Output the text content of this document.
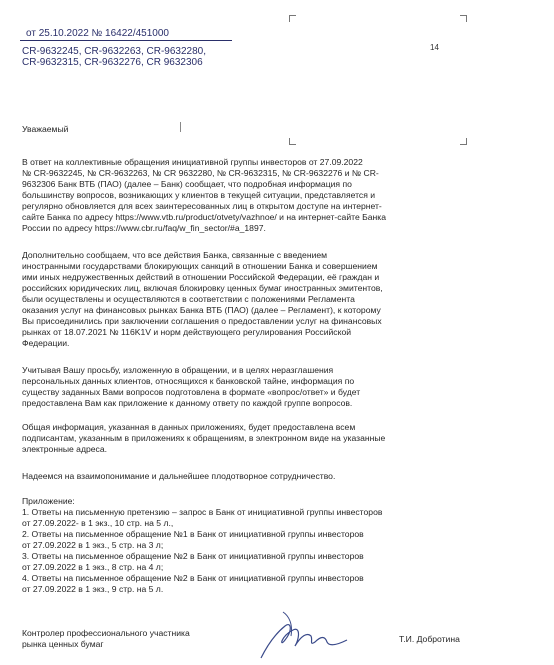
от 25.10.2022 № 16422/451000
CR-9632245, CR-9632263, CR-9632280,
CR-9632315, CR-9632276, CR 9632306
14
Уважаемый
В ответ на коллективные обращения инициативной группы инвесторов от 27.09.2022
№ CR-9632245, № CR-9632263, № CR 9632280, № CR-9632315, № CR-9632276 и № CR-
9632306 Банк ВТБ (ПАО) (далее – Банк) сообщает, что подробная информация по
большинству вопросов, возникающих у клиентов в текущей ситуации, представляется и
регулярно обновляется для всех заинтересованных лиц в открытом доступе на интернет-
сайте Банка по адресу https://www.vtb.ru/product/otvety/vazhnoe/ и на интернет-сайте Банка
России по адресу https://www.cbr.ru/faq/w_fin_sector/#a_1897.
Дополнительно сообщаем, что все действия Банка, связанные с введением
иностранными государствами блокирующих санкций в отношении Банка и совершением
ими иных недружественных действий в отношении Российской Федерации, её граждан и
российских юридических лиц, включая блокировку ценных бумаг иностранных эмитентов,
были осуществлены и осуществляются в соответствии с положениями Регламента
оказания услуг на финансовых рынках Банка ВТБ (ПАО) (далее – Регламент), к которому
Вы присоединились при заключении соглашения о предоставлении услуг на финансовых
рынках от 18.07.2021 № 116K1V и норм действующего регулирования Российской
Федерации.
Учитывая Вашу просьбу, изложенную в обращении, и в целях неразглашения
персональных данных клиентов, относящихся к банковской тайне, информация по
существу заданных Вами вопросов подготовлена в формате «вопрос/ответ» и будет
предоставлена Вам как приложение к данному ответу по каждой группе вопросов.
Общая информация, указанная в данных приложениях, будет предоставлена всем
подписантам, указанным в приложениях к обращениям, в электронном виде на указанные
электронные адреса.
Надеемся на взаимопонимание и дальнейшее плодотворное сотрудничество.
Приложение:
1. Ответы на письменную претензию – запрос в Банк от инициативной группы инвесторов
от 27.09.2022- в 1 экз., 10 стр. на 5 л.,
2. Ответы на письменное обращение №1 в Банк от инициативной группы инвесторов
от 27.09.2022 в 1 экз., 5 стр. на 3 л;
3. Ответы на письменное обращение №2 в Банк от инициативной группы инвесторов
от 27.09.2022 в 1 экз., 8 стр. на 4 л;
4. Ответы на письменное обращение №2 в Банк от инициативной группы инвесторов
от 27.09.2022 в 1 экз., 9 стр. на 5 л.
Контролер профессионального участника
рынка ценных бумаг	Т.И. Добротина
